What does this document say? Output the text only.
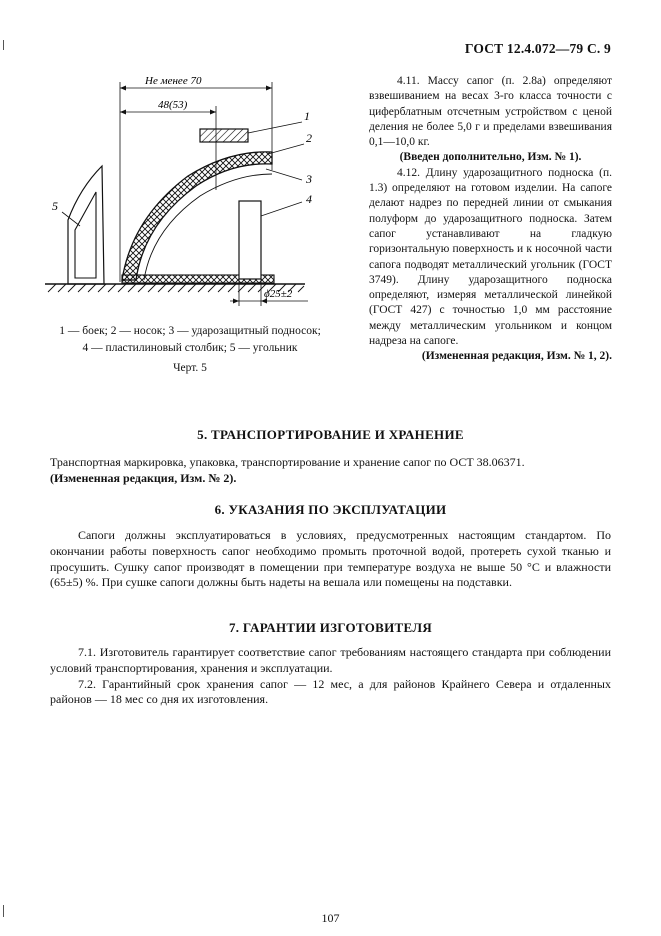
ГОСТ 12.4.072—79 С. 9
Не менее 70
48(53)
ϕ25±2
1
2
3
4
5
1 — боек; 2 — носок; 3 — ударозащитный подносок;
4 — пластилиновый столбик; 5 — угольник
Черт. 5

4.11. Массу сапог (п. 2.8а) определяют взвешиванием на весах 3-го класса точности с циферблатным отсчетным устройством с ценой деления не более 5,0 г и пределами взвешивания 0,1—10,0 кг.

(Введен дополнительно, Изм. № 1).

4.12. Длину ударозащитного подноска (п. 1.3) определяют на готовом изделии. На сапоге делают надрез по передней линии от смыкания полуформ до ударозащитного подноска. Затем сапог устанавливают на гладкую горизонтальную поверхность и к носочной части сапога подводят металлический угольник (ГОСТ 3749). Длину ударозащитного подноска определяют, измеряя металлической линейкой (ГОСТ 427) с точностью 1,0 мм расстояние между металлическим угольником и концом надреза на сапоге.

(Измененная редакция, Изм. № 1, 2).

5. ТРАНСПОРТИРОВАНИЕ И ХРАНЕНИЕ

Транспортная маркировка, упаковка, транспортирование и хранение сапог по ОСТ 38.06371.

(Измененная редакция, Изм. № 2).

6. УКАЗАНИЯ ПО ЭКСПЛУАТАЦИИ

Сапоги должны эксплуатироваться в условиях, предусмотренных настоящим стандартом. По окончании работы поверхность сапог необходимо промыть проточной водой, протереть сухой тканью и просушить. Сушку сапог производят в помещении при температуре воздуха не выше 50 °С и влажности (65±5) %. При сушке сапоги должны быть надеты на вешала или помещены на подставки.

7. ГАРАНТИИ ИЗГОТОВИТЕЛЯ

7.1. Изготовитель гарантирует соответствие сапог требованиям настоящего стандарта при соблюдении условий транспортирования, хранения и эксплуатации.

7.2. Гарантийный срок хранения сапог — 12 мес, а для районов Крайнего Севера и отдаленных районов — 18 мес со дня их изготовления.

107
